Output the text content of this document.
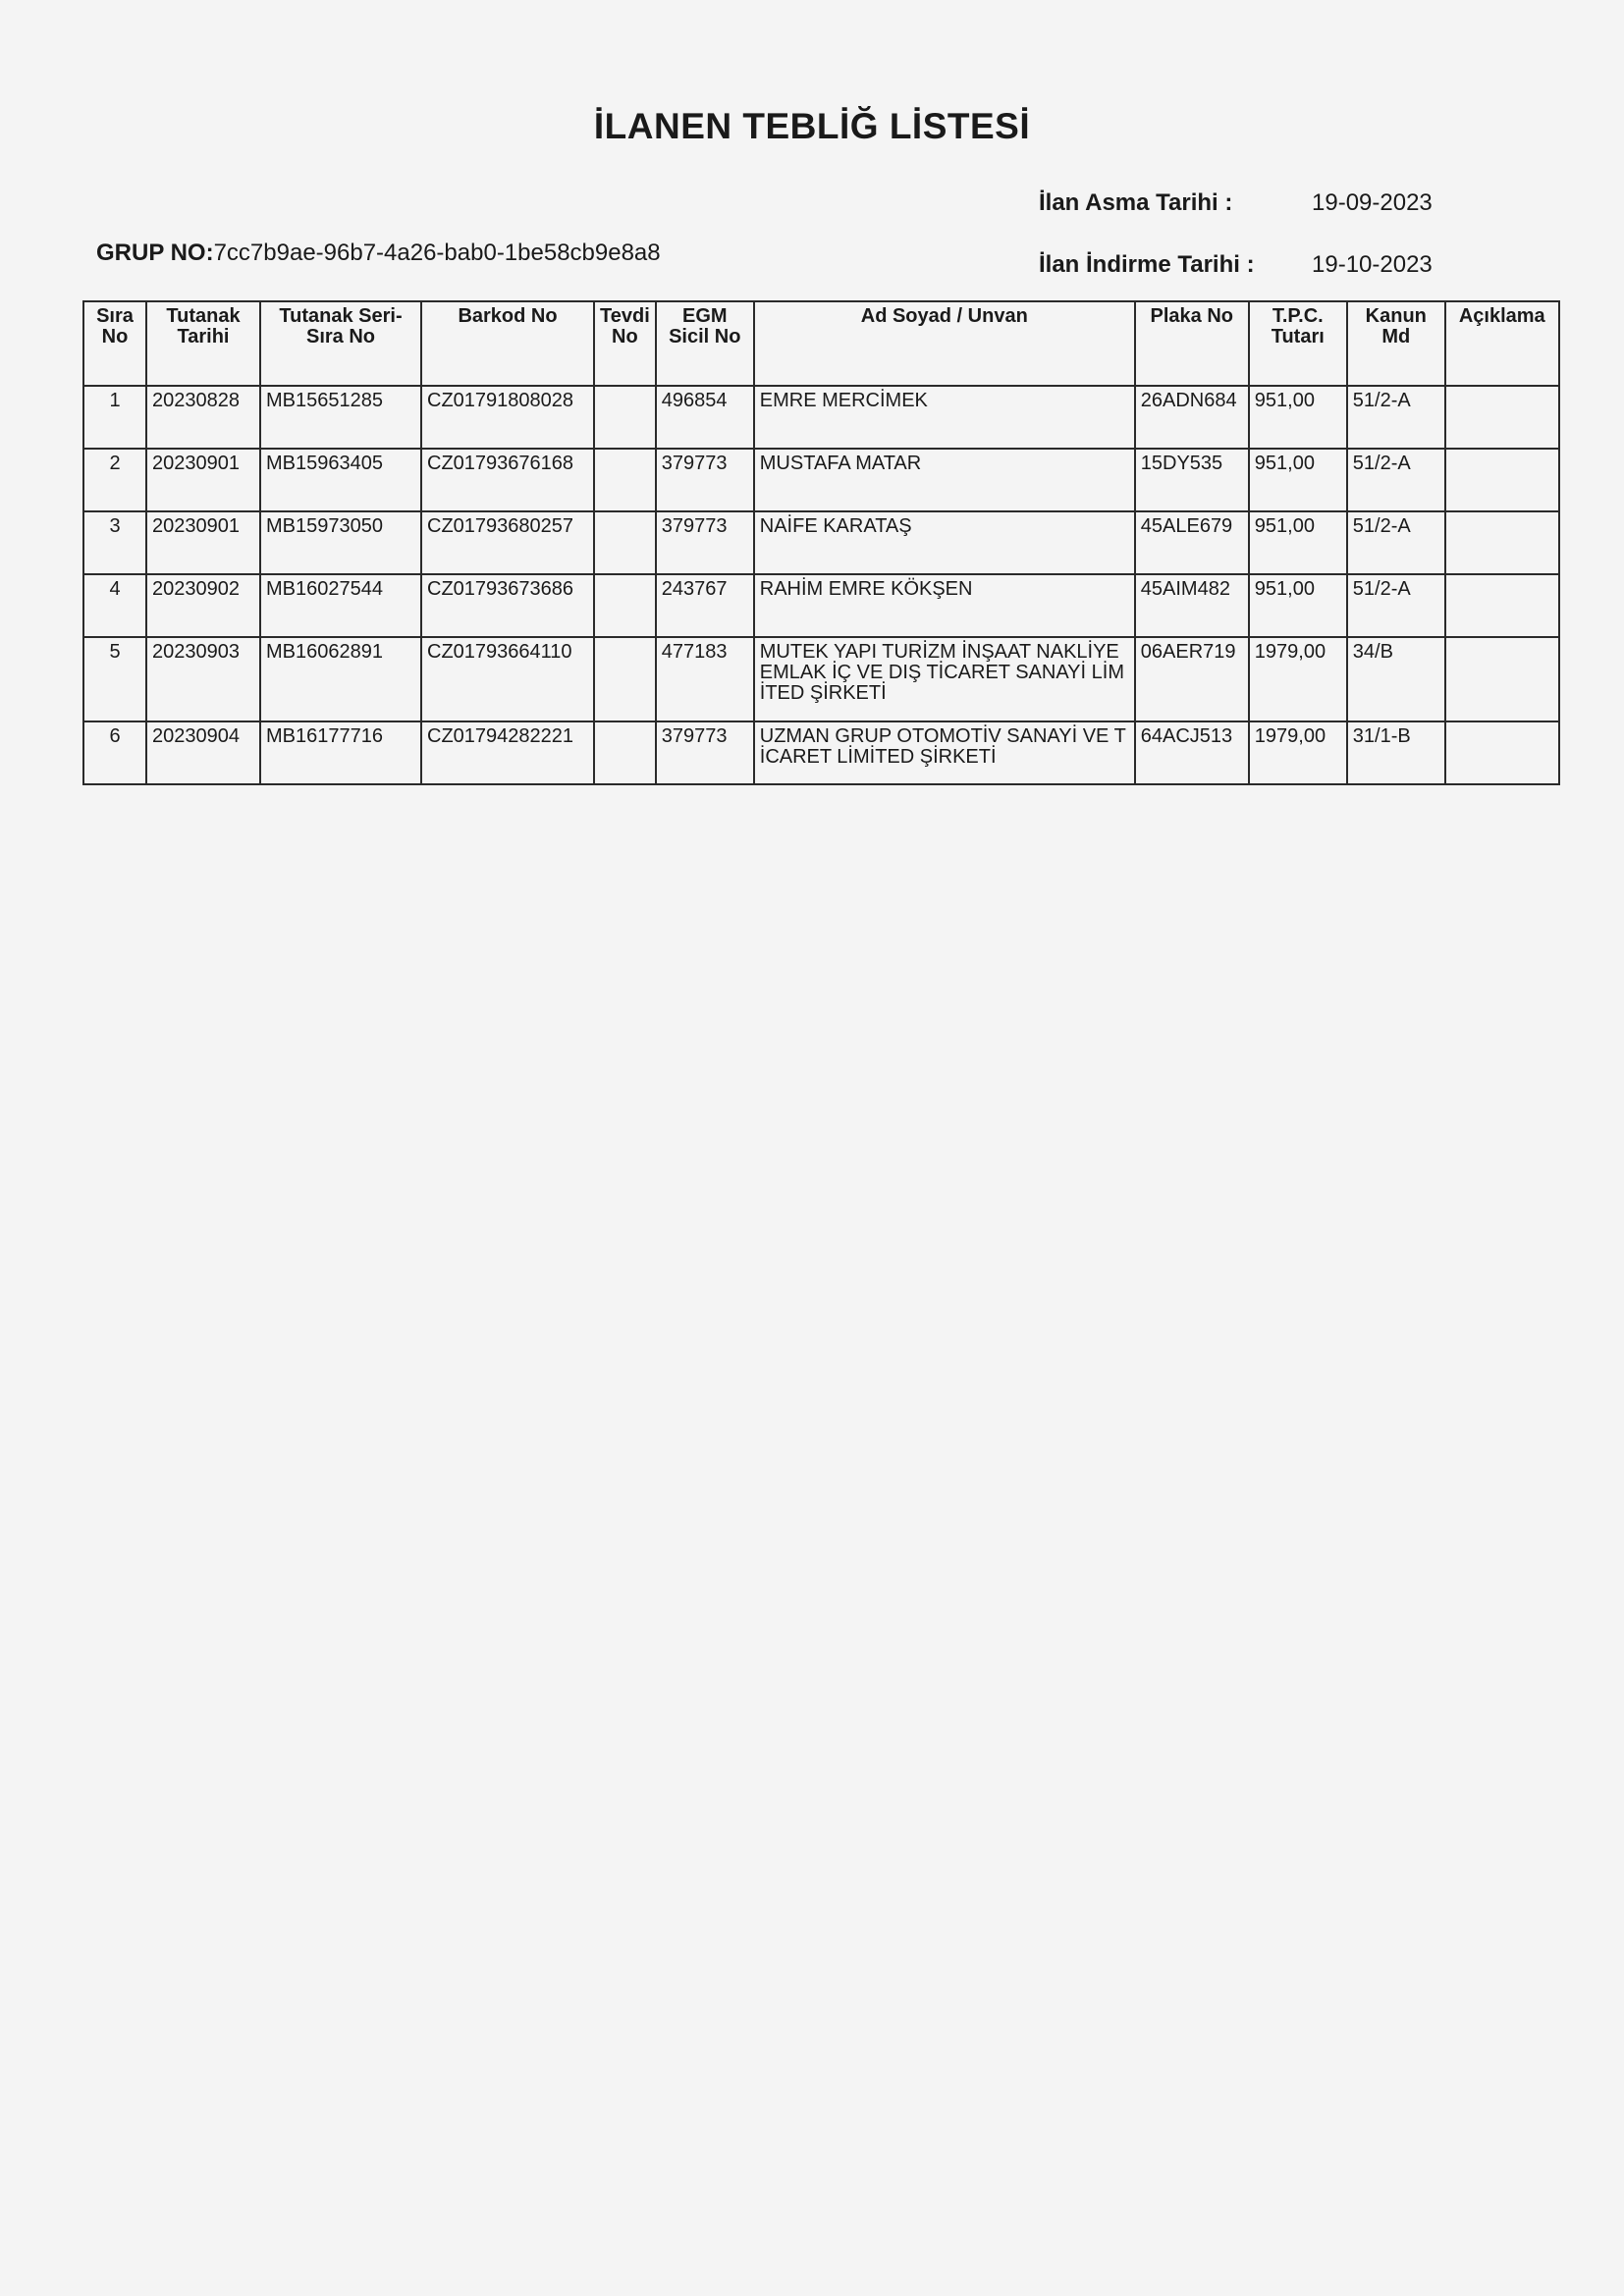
İLANEN TEBLİĞ LİSTESİ
İlan Asma Tarihi :	19-09-2023
İlan İndirme Tarihi : 19-10-2023
GRUP NO:7cc7b9ae-96b7-4a26-bab0-1be58cb9e8a8
Sıra No	Tutanak Tarihi	Tutanak Seri-Sıra No	Barkod No	Tevdi No	EGM Sicil No	Ad Soyad / Unvan	Plaka No	T.P.C. Tutarı	Kanun Md	Açıklama
1	20230828	MB15651285	CZ01791808028		496854	EMRE MERCİMEK	26ADN684	951,00	51/2-A	
2	20230901	MB15963405	CZ01793676168		379773	MUSTAFA MATAR	15DY535	951,00	51/2-A	
3	20230901	MB15973050	CZ01793680257		379773	NAİFE KARATAŞ	45ALE679	951,00	51/2-A	
4	20230902	MB16027544	CZ01793673686		243767	RAHİM EMRE KÖKŞEN	45AIM482	951,00	51/2-A	
5	20230903	MB16062891	CZ01793664110		477183	MUTEK YAPI TURİZM İNŞAAT NAKLİYE EMLAK İÇ VE DIŞ TİCARET SANAYİ LİMİTED ŞİRKETİ	06AER719	1979,00	34/B	
6	20230904	MB16177716	CZ01794282221		379773	UZMAN GRUP OTOMOTİV SANAYİ VE TİCARET LİMİTED ŞİRKETİ	64ACJ513	1979,00	31/1-B	
